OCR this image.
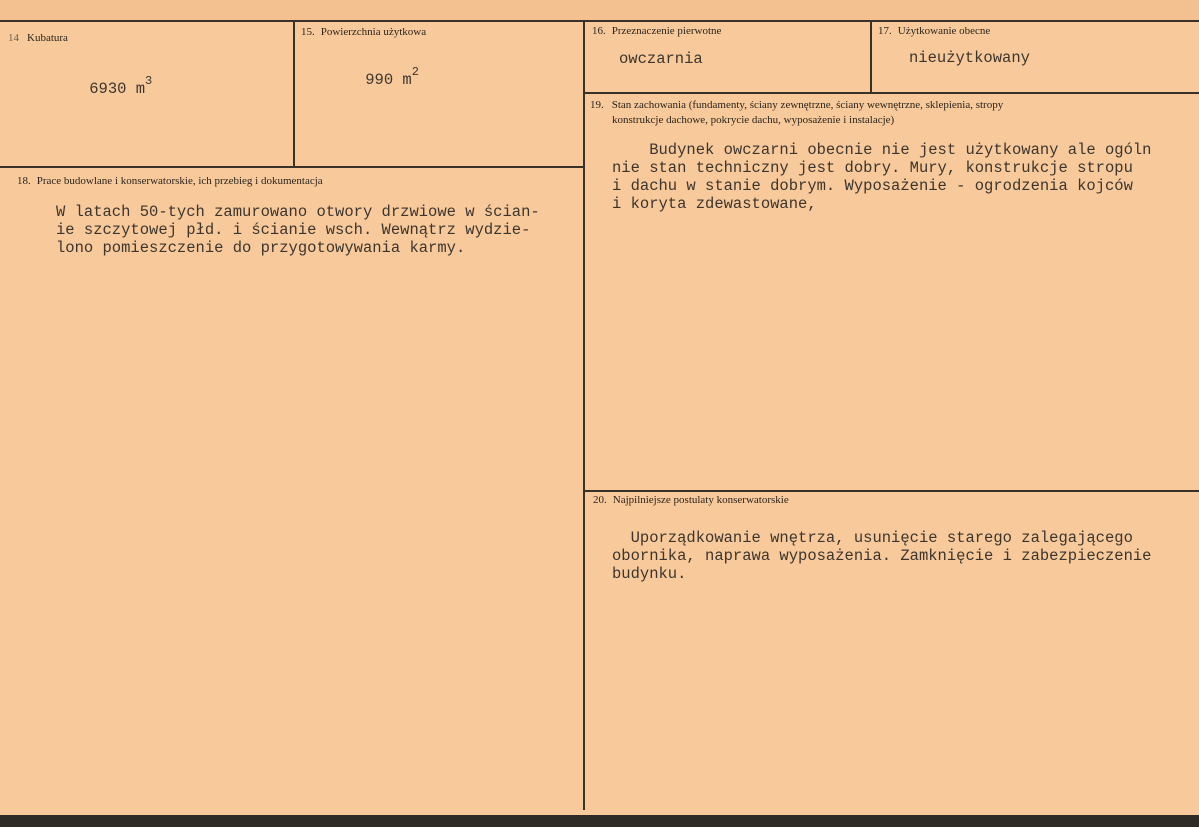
14 Kubatura

6930 $m^3$

15. Powierzchnia użytkowa

990 $m^2$

16. Przeznaczenie pierwotne
owczarnia
17. Użytkowanie obecne
nieużytkowany
19. Stan zachowania (fundamenty, ściany zewnętrzne, ściany wewnętrzne, sklepienia, stropy
konstrukcje dachowe, pokrycie dachu, wyposażenie i instalacje)
Budynek owczarni obecnie nie jest użytkowany ale ogóln
nie stan techniczny jest dobry. Mury, konstrukcje stropu
i dachu w stanie dobrym. Wyposażenie - ogrodzenia kojców
i koryta zdewastowane,
18. Prace budowlane i konserwatorskie, ich przebieg i dokumentacja
W latach 50-tych zamurowano otwory drzwiowe w ścian-
ie szczytowej płd. i ścianie wsch. Wewnątrz wydzie-
lono pomieszczenie do przygotowywania karmy.
20. Najpilniejsze postulaty konserwatorskie
Uporządkowanie wnętrza, usunięcie starego zalegającego
obornika, naprawa wyposażenia. Zamknięcie i zabezpieczenie
budynku.
